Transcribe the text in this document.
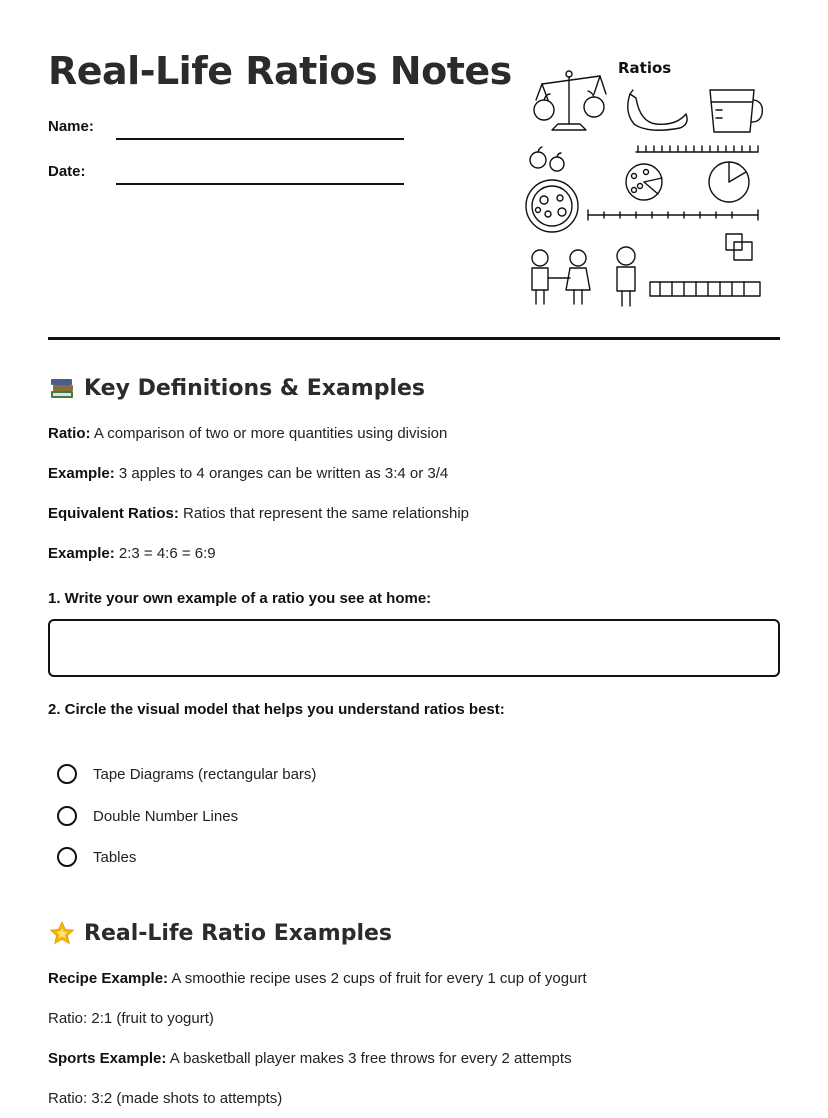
Real-Life Ratios Notes
Name:
Date:
Ratios
Key Definitions & Examples
Ratio: A comparison of two or more quantities using division
Example: 3 apples to 4 oranges can be written as 3:4 or 3/4
Equivalent Ratios: Ratios that represent the same relationship
Example: 2:3 = 4:6 = 6:9
1. Write your own example of a ratio you see at home:
2. Circle the visual model that helps you understand ratios best:
Tape Diagrams (rectangular bars)
Double Number Lines
Tables
Real-Life Ratio Examples
Recipe Example: A smoothie recipe uses 2 cups of fruit for every 1 cup of yogurt
Ratio: 2:1 (fruit to yogurt)
Sports Example: A basketball player makes 3 free throws for every 2 attempts
Ratio: 3:2 (made shots to attempts)
